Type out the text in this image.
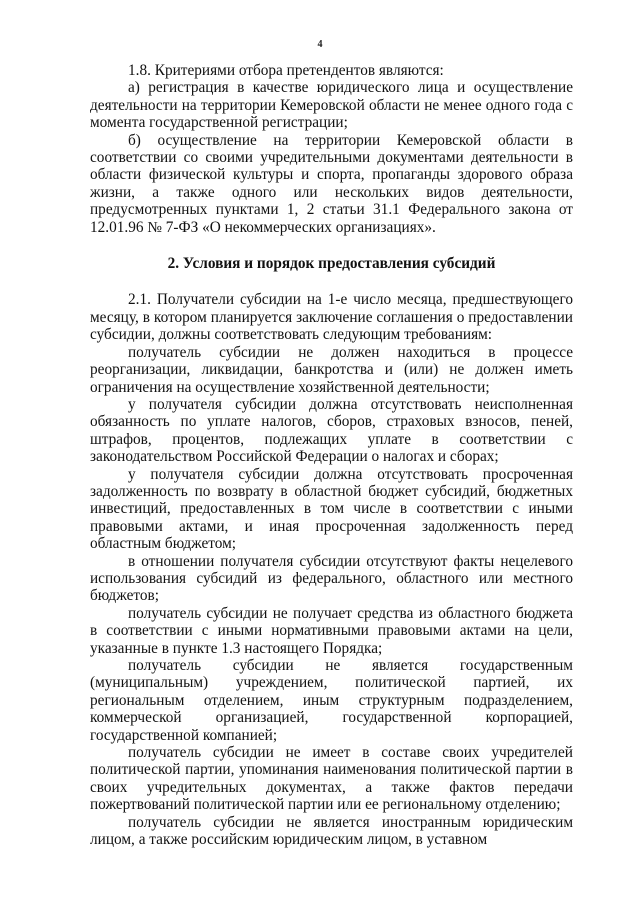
4

1.8. Критериями отбора претендентов являются:

а) регистрация в качестве юридического лица и осуществление деятельности на территории Кемеровской области не менее одного года с момента государственной регистрации;

б) осуществление на территории Кемеровской области в соответствии со своими учредительными документами деятельности в области физической культуры и спорта, пропаганды здорового образа жизни, а также одного или нескольких видов деятельности, предусмотренных пунктами 1, 2 статьи 31.1 Федерального закона от 12.01.96 № 7-ФЗ «О некоммерческих организациях».

2. Условия и порядок предоставления субсидий

2.1. Получатели субсидии на 1-е число месяца, предшествующего месяцу, в котором планируется заключение соглашения о предоставлении субсидии, должны соответствовать следующим требованиям:

получатель субсидии не должен находиться в процессе реорганизации, ликвидации, банкротства и (или) не должен иметь ограничения на осуществление хозяйственной деятельности;

у получателя субсидии должна отсутствовать неисполненная обязанность по уплате налогов, сборов, страховых взносов, пеней, штрафов, процентов, подлежащих уплате в соответствии с законодательством Российской Федерации о налогах и сборах;

у получателя субсидии должна отсутствовать просроченная задолженность по возврату в областной бюджет субсидий, бюджетных инвестиций, предоставленных в том числе в соответствии с иными правовыми актами, и иная просроченная задолженность перед областным бюджетом;

в отношении получателя субсидии отсутствуют факты нецелевого использования субсидий из федерального, областного или местного бюджетов;

получатель субсидии не получает средства из областного бюджета в соответствии с иными нормативными правовыми актами на цели, указанные в пункте 1.3 настоящего Порядка;

получатель субсидии не является государственным (муниципальным) учреждением, политической партией, их региональным отделением, иным структурным подразделением, коммерческой организацией, государственной корпорацией, государственной компанией;

получатель субсидии не имеет в составе своих учредителей политической партии, упоминания наименования политической партии в своих учредительных документах, а также фактов передачи пожертвований политической партии или ее региональному отделению;

получатель субсидии не является иностранным юридическим лицом, а также российским юридическим лицом, в уставном
